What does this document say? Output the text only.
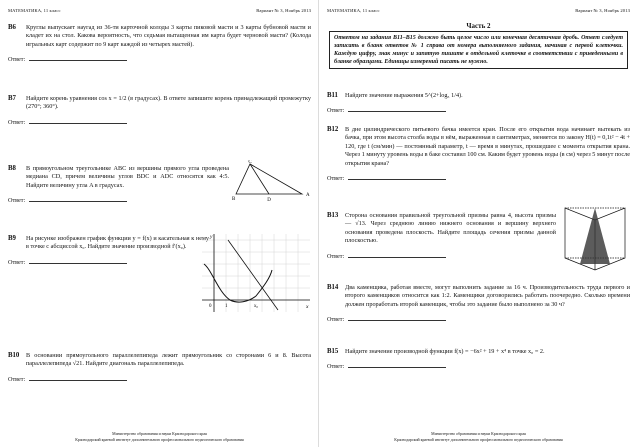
МАТЕМАТИКА, 11 класс	Вариант № 3, Ноябрь 2013
B6 Круглы выпускает наугад из 36-ти карточной колоды 3 карты пиковой масти и 3 карты бубновой масти и кладет их на стол. Какова вероятность, что седьмая вытащенная им карта будет черновой масти? (Колода игральных карт содержит по 9 карт каждой из четырех мастей).
Ответ:
B7 Найдите корень уравнения cos x = 1/2 (в градусах). В ответе запишите корень принадлежащий промежутку (270°; 360°).
Ответ:
B8 В прямоугольном треугольнике ABC из вершины прямого угла проведена медиана CD, причем величины углов BDC и ADC относятся как 4:5. Найдите величину угла A в градусах.
Ответ:
C
D
A
B
B9 На рисунке изображен график функции y = f(x) и касательная к нему в точке с абсциссой x₀. Найдите значение производной f′(x₀).
Ответ:
y
x
0	1	x₀
B10 В основании прямоугольного параллелепипеда лежит прямоугольник со сторонами 6 и 8. Высота параллелепипеда √21. Найдите диагональ параллелепипеда.
Ответ:
Министерство образования и науки Краснодарского края
Краснодарский краевой институт дополнительного профессионального педагогического образования
МАТЕМАТИКА, 11 класс	Вариант № 3, Ноябрь 2013
Часть 2
Ответом на задания B11–B15 должно быть целое число или конечная десятичная дробь. Ответ следует записать в бланк ответов № 1 справа от номера выполняемого задания, начиная с первой клеточки. Каждую цифру, знак минус и запятую пишите в отдельной клеточке в соответствии с приведенными в бланке образцами. Единицы измерений писать не нужно.
B11 Найдите значение выражения 5^(2+log₅ 1/4).
Ответ:
B12 В дне цилиндрического питьевого бачка имеется кран. После его открытия вода начинает вытекать из бачка, при этом высота столба воды в нём, выраженная в сантиметрах, меняется по закону H(t) = 0,1t² − 4t + 120, где t (см/мин) — постоянный параметр, t — время в минутах, прошедшее с момента открытия крана. Через 1 минуту уровень воды в баке составил 100 см. Каким будет уровень воды (в см) через 5 минут после открытия крана?
Ответ:
B13 Сторона основания правильной треугольной призмы равна 4, высота призмы — √13. Через среднюю линию нижнего основания и вершину верхнего основания проведена плоскость. Найдите площадь сечения призмы данной плоскостью.
Ответ:
B14 Два каменщика, работая вместе, могут выполнить задание за 16 ч. Производительность труда первого и второго каменщиков относится как 1:2. Каменщики договорились работать поочередно. Сколько времени должен проработать второй каменщик, чтобы это задание было выполнено за 30 ч?
Ответ:
B15 Найдите значение производной функции f(x) = −6x² + 19 + x⁴ в точке x₀ = 2.
Ответ:
Министерство образования и науки Краснодарского края
Краснодарский краевой институт дополнительного профессионального педагогического образования
